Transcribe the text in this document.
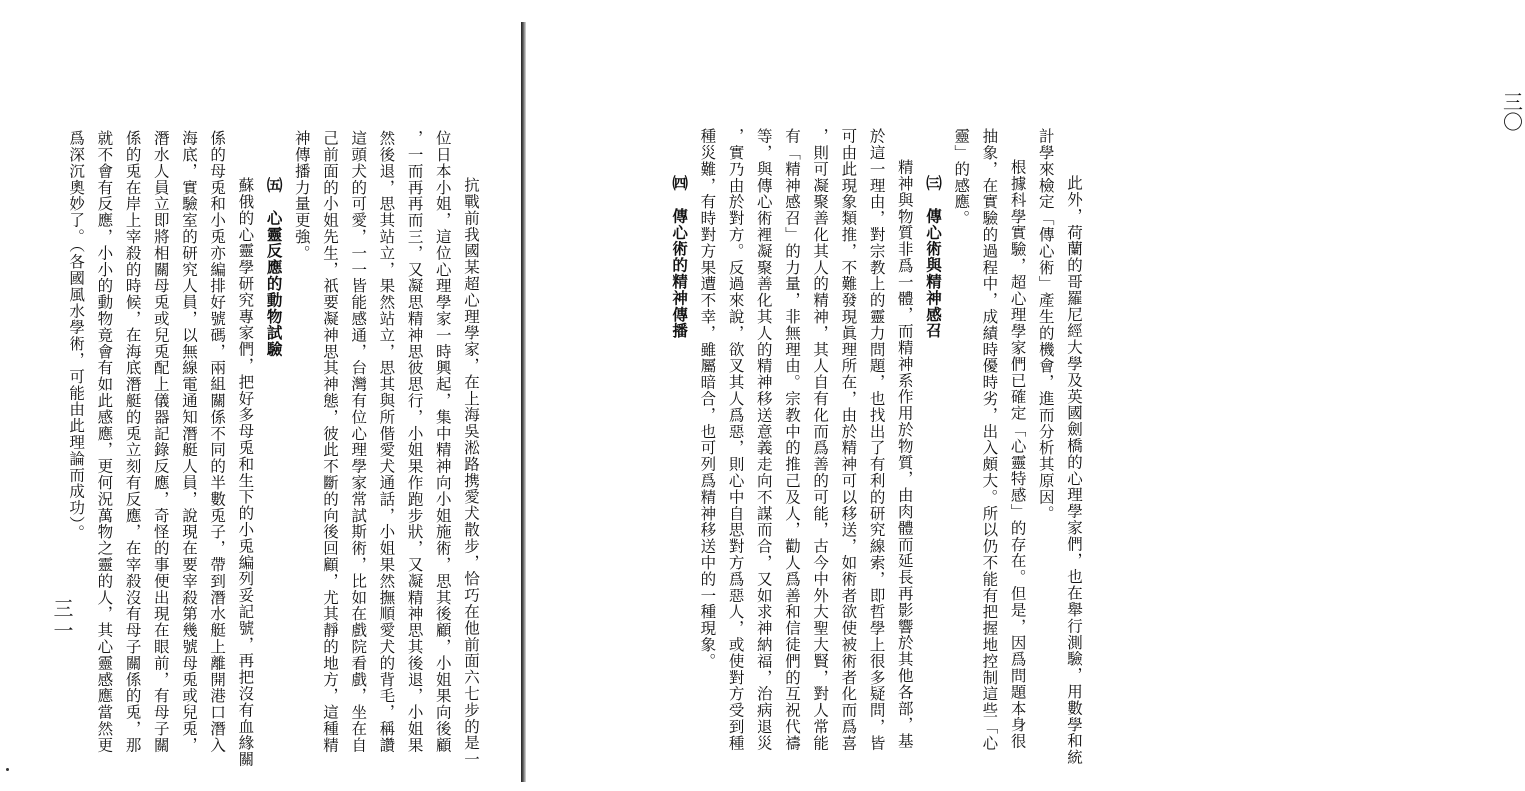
三一	抗戰前我國某超心理學家，在上海吳淞路携愛犬散步，恰巧在他前面六七步的是一
位日本小姐，這位心理學家一時興起，集中精神向小姐施術，思其後顧，小姐果向後顧
，一而再再而三，又凝思精神思彼思行，小姐果作跑步狀，又凝精神思其後退，小姐果
然後退，思其站立，果然站立，思其與所偕愛犬通話，小姐果然撫順愛犬的背毛，稱讚
這頭犬的可愛，一一皆能感通，台灣有位心理學家常試斯術，比如在戲院看戲，坐在自
己前面的小姐先生，祇要凝神思其神態，彼此不斷的向後回顧，尤其靜的地方，這種精
神傳播力量更強。
㈤　心靈反應的動物試驗
蘇俄的心靈學研究專家們，把好多母兎和生下的小兎編列妥記號，再把沒有血緣關
係的母兎和小兎亦編排好號碼，兩組關係不同的半數兎子，帶到潛水艇上離開港口潛入
海底，實驗室的研究人員，以無線電通知潛艇人員，說現在要宰殺第幾號母兎或兒兎，
潛水人員立即將相關母兎或兒兎配上儀器記錄反應，奇怪的事便出現在眼前，有母子關
係的兎在岸上宰殺的時候，在海底潛艇的兎立刻有反應，在宰殺沒有母子關係的兎，那
就不會有反應，小小的動物竟會有如此感應，更何況萬物之靈的人，其心靈感應當然更
爲深沉奧妙了。（各國風水學術，可能由此理論而成功）。
三〇
此外，荷蘭的哥羅尼經大學及英國劍橋的心理學家們，也在舉行測驗，用數學和統
計學來檢定「傳心術」產生的機會，進而分析其原因。
根據科學實驗，超心理學家們已確定「心靈特感」的存在。但是，因爲問題本身很
抽象，在實驗的過程中，成績時優時劣，出入頗大。所以仍不能有把握地控制這些「心
靈」的感應。
㈢　傳心術與精神感召
精神與物質非爲一體，而精神系作用於物質，由肉體而延長再影響於其他各部，基
於這一理由，對宗教上的靈力問題，也找出了有利的研究線索，即哲學上很多疑問，皆
可由此現象類推，不難發現眞理所在，由於精神可以移送，如術者欲使被術者化而爲喜
，則可凝聚善化其人的精神，其人自有化而爲善的可能，古今中外大聖大賢，對人常能
有「精神感召」的力量，非無理由。宗教中的推己及人，勸人爲善和信徒們的互祝代禱
等，與傳心術裡凝聚善化其人的精神移送意義走向不謀而合，又如求神納福，治病退災
，實乃由於對方。反過來說，欲叉其人爲惡，則心中自思對方爲惡人，或使對方受到種
種災難，有時對方果遭不幸，雖屬暗合，也可列爲精神移送中的一種現象。
㈣　傳心術的精神傳播
